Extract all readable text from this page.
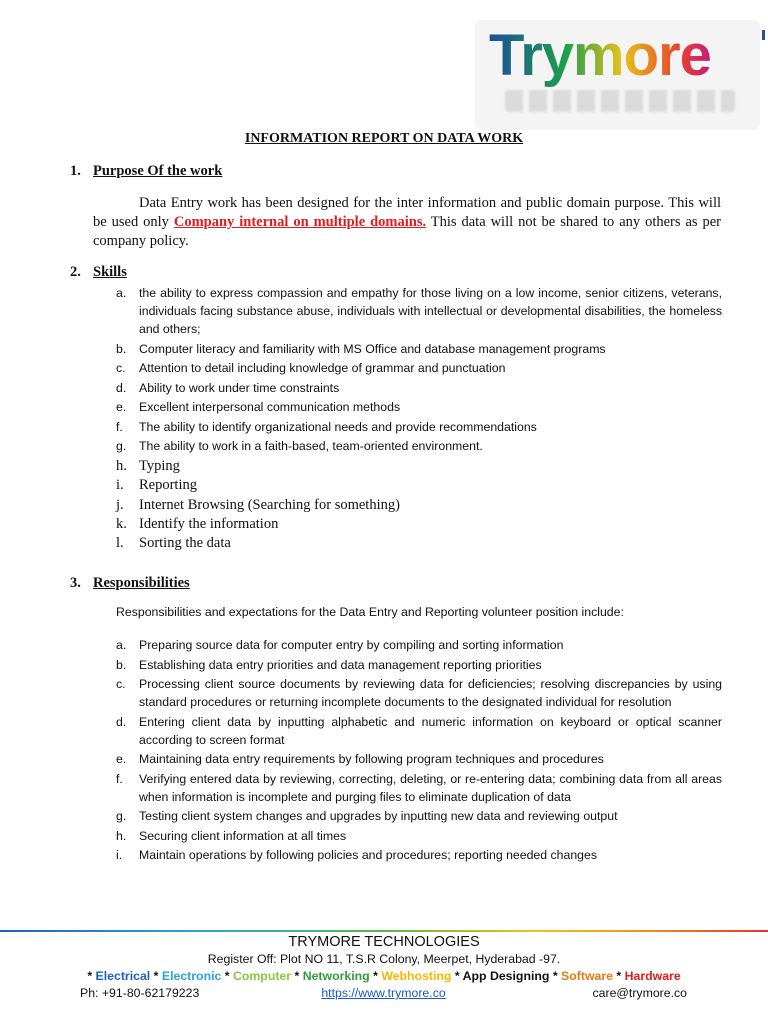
Trymore
INFORMATION REPORT ON DATA WORK
1. Purpose Of the work

Data Entry work has been designed for the inter information and public domain purpose. This will be used only Company internal on multiple domains. This data will not be shared to any others as per company policy.

2. Skills
a. the ability to express compassion and empathy for those living on a low income, senior citizens, veterans, individuals facing substance abuse, individuals with intellectual or developmental disabilities, the homeless and others;
b. Computer literacy and familiarity with MS Office and database management programs
c. Attention to detail including knowledge of grammar and punctuation
d. Ability to work under time constraints
e. Excellent interpersonal communication methods
f. The ability to identify organizational needs and provide recommendations
g. The ability to work in a faith-based, team-oriented environment.
h. Typing
i. Reporting
j. Internet Browsing (Searching for something)
k. Identify the information
l. Sorting the data
3. Responsibilities
Responsibilities and expectations for the Data Entry and Reporting volunteer position include:
a. Preparing source data for computer entry by compiling and sorting information
b. Establishing data entry priorities and data management reporting priorities
c. Processing client source documents by reviewing data for deficiencies; resolving discrepancies by using standard procedures or returning incomplete documents to the designated individual for resolution
d. Entering client data by inputting alphabetic and numeric information on keyboard or optical scanner according to screen format
e. Maintaining data entry requirements by following program techniques and procedures
f. Verifying entered data by reviewing, correcting, deleting, or re-entering data; combining data from all areas when information is incomplete and purging files to eliminate duplication of data
g. Testing client system changes and upgrades by inputting new data and reviewing output
h. Securing client information at all times
i. Maintain operations by following policies and procedures; reporting needed changes
TRYMORE TECHNOLOGIES
Register Off: Plot NO 11, T.S.R Colony, Meerpet, Hyderabad -97.
* Electrical * Electronic * Computer * Networking * Webhosting * App Designing * Software * Hardware
Ph: +91-80-62179223	https://www.trymore.co	care@trymore.co
